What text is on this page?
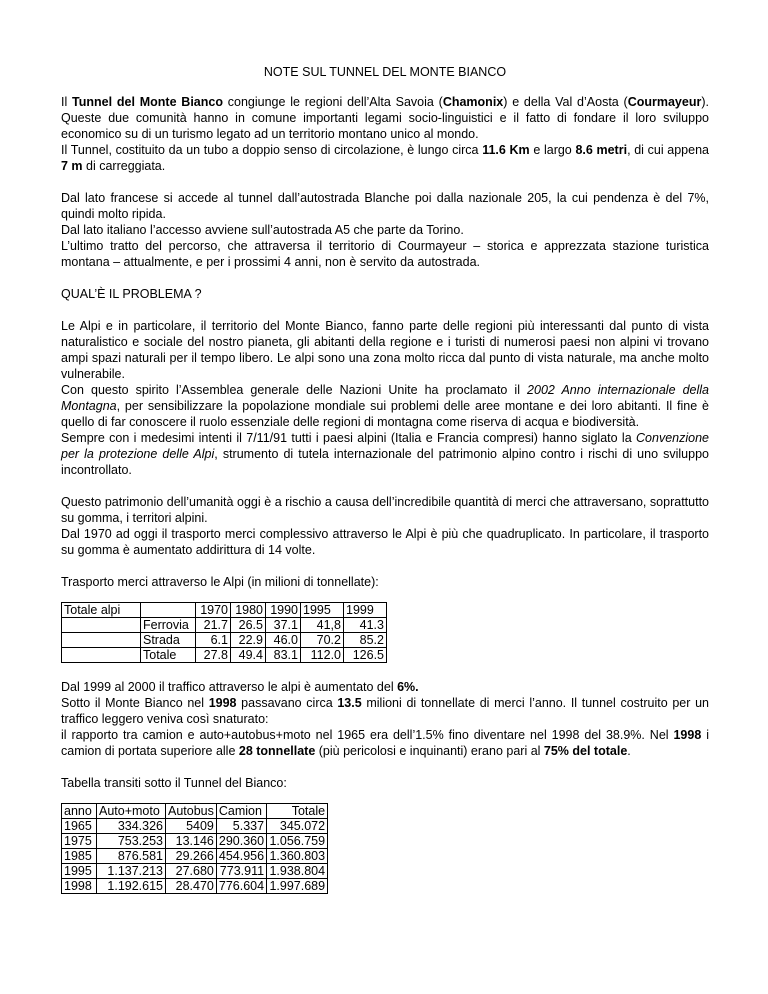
NOTE SUL TUNNEL DEL MONTE BIANCO

Il Tunnel del Monte Bianco congiunge le regioni dell’Alta Savoia (Chamonix) e della Val d’Aosta (Courmayeur). Queste due comunità hanno in comune importanti legami socio-linguistici e il fatto di fondare il loro sviluppo economico su di un turismo legato ad un territorio montano unico al mondo.

Il Tunnel, costituito da un tubo a doppio senso di circolazione, è lungo circa 11.6 Km e largo 8.6 metri, di cui appena 7 m di carreggiata.

Dal lato francese si accede al tunnel dall’autostrada Blanche poi dalla nazionale 205, la cui pendenza è del 7%, quindi molto ripida.

Dal lato italiano l’accesso avviene sull’autostrada A5 che parte da Torino.

L’ultimo tratto del percorso, che attraversa il territorio di Courmayeur – storica e apprezzata stazione turistica montana – attualmente, e per i prossimi 4 anni, non è servito da autostrada.

QUAL’È IL PROBLEMA ?

Le Alpi e in particolare, il territorio del Monte Bianco, fanno parte delle regioni più interessanti dal punto di vista naturalistico e sociale del nostro pianeta, gli abitanti della regione e i turisti di numerosi paesi non alpini vi trovano ampi spazi naturali per il tempo libero. Le alpi sono una zona molto ricca dal punto di vista naturale, ma anche molto vulnerabile.

Con questo spirito l’Assemblea generale delle Nazioni Unite ha proclamato il 2002 Anno internazionale della Montagna, per sensibilizzare la popolazione mondiale sui problemi delle aree montane e dei loro abitanti. Il fine è quello di far conoscere il ruolo essenziale delle regioni di montagna come riserva di acqua e biodiversità.

Sempre con i medesimi intenti il 7/11/91 tutti i paesi alpini (Italia e Francia compresi) hanno siglato la Convenzione per la protezione delle Alpi, strumento di tutela internazionale del patrimonio alpino contro i rischi di uno sviluppo incontrollato.

Questo patrimonio dell’umanità oggi è a rischio a causa dell’incredibile quantità di merci che attraversano, soprattutto su gomma, i territori alpini.

Dal 1970 ad oggi il trasporto merci complessivo attraverso le Alpi è più che quadruplicato. In particolare, il trasporto su gomma è aumentato addirittura di 14 volte.

Trasporto merci attraverso le Alpi (in milioni di tonnellate):

Totale alpi		1970	1980	1990	1995	1999
	Ferrovia	21.7	26.5	37.1	41,8	41.3
	Strada	6.1	22.9	46.0	70.2	85.2
	Totale	27.8	49.4	83.1	112.0	126.5

Dal 1999 al 2000 il traffico attraverso le alpi è aumentato del 6%.

Sotto il Monte Bianco nel 1998 passavano circa 13.5 milioni di tonnellate di merci l’anno. Il tunnel costruito per un traffico leggero veniva così snaturato:

il rapporto tra camion e auto+autobus+moto nel 1965 era dell’1.5% fino diventare nel 1998 del 38.9%. Nel 1998 i camion di portata superiore alle 28 tonnellate (più pericolosi e inquinanti) erano pari al 75% del totale.

Tabella transiti sotto il Tunnel del Bianco:

anno	Auto+moto	Autobus	Camion	Totale
1965	334.326	5409	5.337	345.072
1975	753.253	13.146	290.360	1.056.759
1985	876.581	29.266	454.956	1.360.803
1995	1.137.213	27.680	773.911	1.938.804
1998	1.192.615	28.470	776.604	1.997.689
